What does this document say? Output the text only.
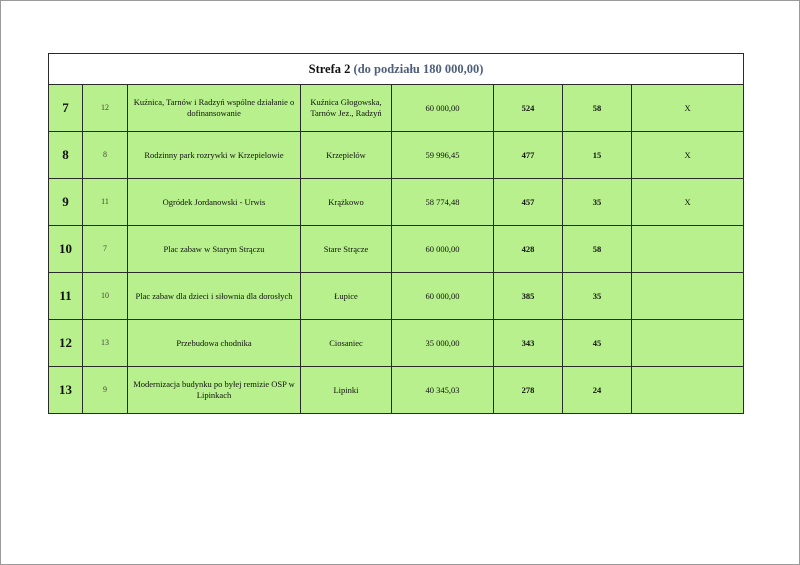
Strefa 2 (do podziału 180 000,00)							
7	12	Kuźnica, Tarnów i Radzyń wspólne działanie o dofinansowanie	Kuźnica Głogowska, Tarnów Jez., Radzyń	60 000,00	524	58	X
8	8	Rodzinny park rozrywki w Krzepielowie	Krzepielów	59 996,45	477	15	X
9	11	Ogródek Jordanowski - Urwis	Krążkowo	58 774,48	457	35	X
10	7	Plac zabaw w Starym Strączu	Stare Strącze	60 000,00	428	58	
11	10	Plac zabaw dla dzieci i siłownia dla dorosłych	Łupice	60 000,00	385	35	
12	13	Przebudowa chodnika	Ciosaniec	35 000,00	343	45	
13	9	Modernizacja budynku po byłej remizie OSP w Lipinkach	Lipinki	40 345,03	278	24	
